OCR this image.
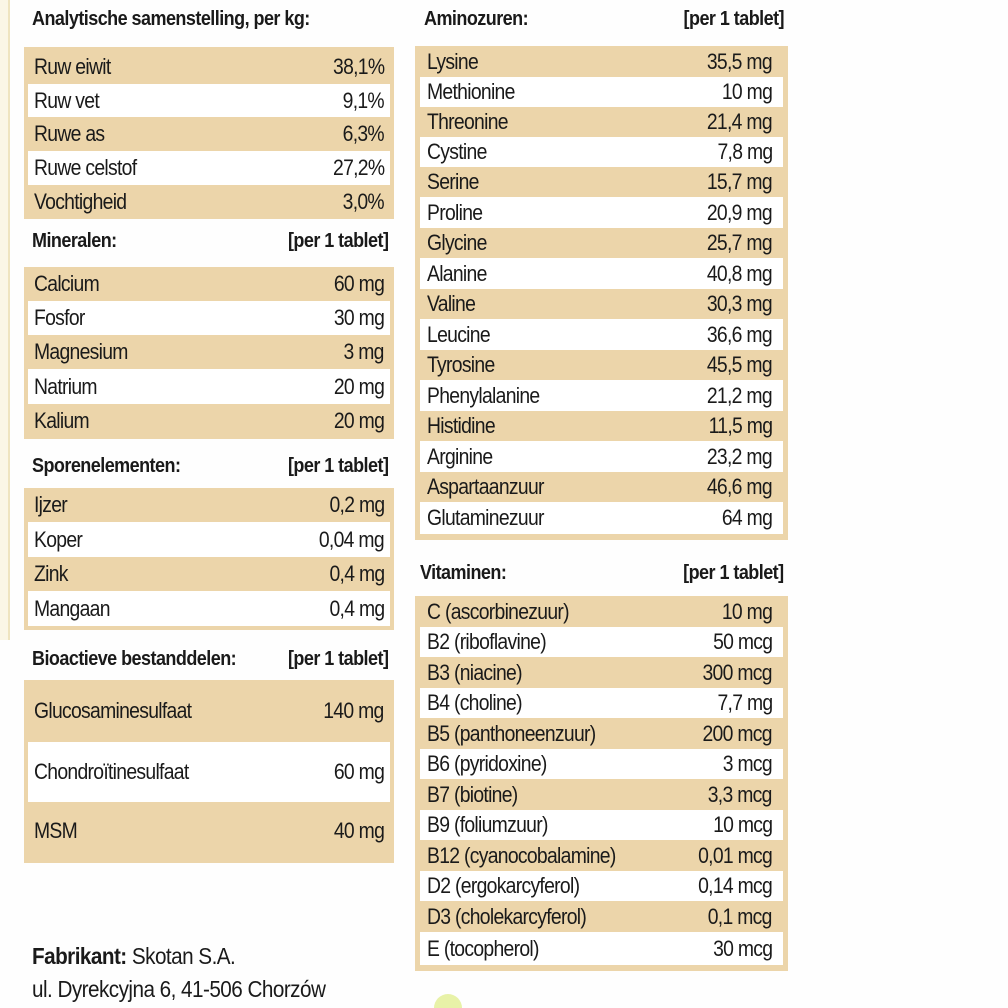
Analytische samenstelling, per kg:
Ruw eiwit	38,1%
Ruw vet	9,1%
Ruwe as	6,3%
Ruwe celstof	27,2%
Vochtigheid	3,0%
Mineralen:	[per 1 tablet]
Calcium	60 mg
Fosfor	30 mg
Magnesium	3 mg
Natrium	20 mg
Kalium	20 mg
Sporenelementen:	[per 1 tablet]
Ijzer	0,2 mg
Koper	0,04 mg
Zink	0,4 mg
Mangaan	0,4 mg
Bioactieve bestanddelen:	[per 1 tablet]
Glucosaminesulfaat	140 mg
Chondroïtinesulfaat	60 mg
MSM	40 mg
Fabrikant: Skotan S.A.
ul. Dyrekcyjna 6, 41-506 Chorzów
Aminozuren:	[per 1 tablet]
Lysine	35,5 mg
Methionine	10 mg
Threonine	21,4 mg
Cystine	7,8 mg
Serine	15,7 mg
Proline	20,9 mg
Glycine	25,7 mg
Alanine	40,8 mg
Valine	30,3 mg
Leucine	36,6 mg
Tyrosine	45,5 mg
Phenylalanine	21,2 mg
Histidine	11,5 mg
Arginine	23,2 mg
Aspartaanzuur	46,6 mg
Glutaminezuur	64 mg
Vitaminen:	[per 1 tablet]
C (ascorbinezuur)	10 mg
B2 (riboflavine)	50 mcg
B3 (niacine)	300 mcg
B4 (choline)	7,7 mg
B5 (panthoneenzuur)	200 mcg
B6 (pyridoxine)	3 mcg
B7 (biotine)	3,3 mcg
B9 (foliumzuur)	10 mcg
B12 (cyanocobalamine)	0,01 mcg
D2 (ergokarcyferol)	0,14 mcg
D3 (cholekarcyferol)	0,1 mcg
E (tocopherol)	30 mcg
